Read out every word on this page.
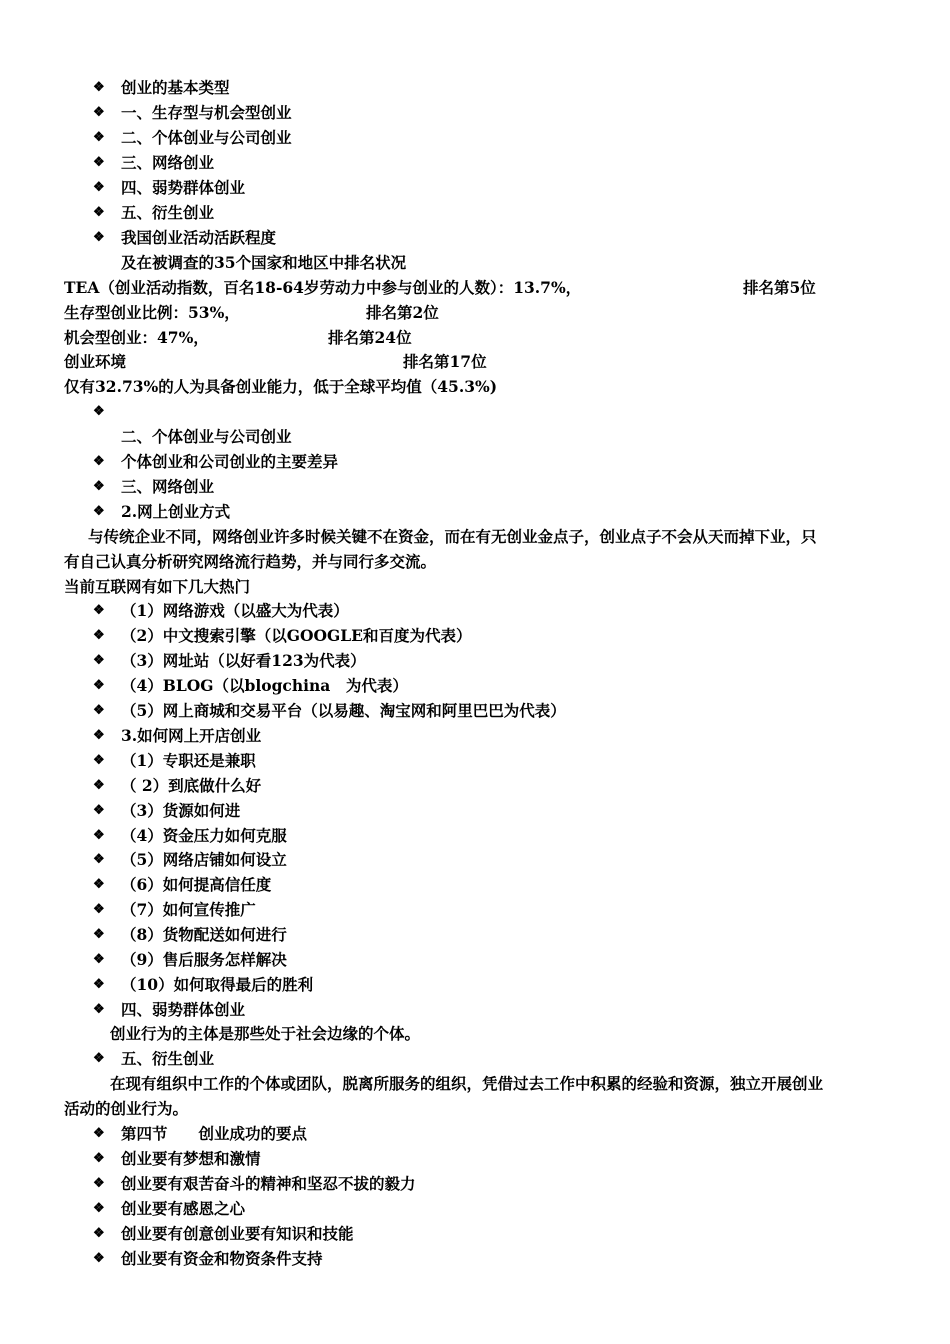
❖ 创业的基本类型
❖ 一、生存型与机会型创业
❖ 二、个体创业与公司创业
❖ 三、网络创业
❖ 四、弱势群体创业
❖ 五、衍生创业
❖ 我国创业活动活跃程度
及在被调查的35个国家和地区中排名状况
TEA（创业活动指数，百名18-64岁劳动力中参与创业的人数）：13.7%，	排名第5位
生存型创业比例：53%，	排名第2位
机会型创业：47%，	排名第24位
创业环境	排名第17位
仅有32.73%的人为具备创业能力，低于全球平均值（45.3%)
❖
二、个体创业与公司创业
❖ 个体创业和公司创业的主要差异
❖ 三、网络创业
❖ 2.网上创业方式
与传统企业不同，网络创业许多时候关键不在资金，而在有无创业金点子，创业点子不会从天而掉下业，只
有自己认真分析研究网络流行趋势，并与同行多交流。
当前互联网有如下几大热门
❖ （1）网络游戏（以盛大为代表）
❖ （2）中文搜索引擎（以GOOGLE和百度为代表）
❖ （3）网址站（以好看123为代表）
❖ （4）BLOG（以blogchina　为代表）
❖ （5）网上商城和交易平台（以易趣、淘宝网和阿里巴巴为代表）
❖ 3.如何网上开店创业
❖ （1）专职还是兼职
❖ （ 2）到底做什么好
❖ （3）货源如何进
❖ （4）资金压力如何克服
❖ （5）网络店铺如何设立
❖ （6）如何提高信任度
❖ （7）如何宣传推广
❖ （8）货物配送如何进行
❖ （9）售后服务怎样解决
❖ （10）如何取得最后的胜利
❖ 四、弱势群体创业
创业行为的主体是那些处于社会边缘的个体。
❖ 五、衍生创业
在现有组织中工作的个体或团队，脱离所服务的组织，凭借过去工作中积累的经验和资源，独立开展创业
活动的创业行为。
❖ 第四节　　创业成功的要点
❖ 创业要有梦想和激情
❖ 创业要有艰苦奋斗的精神和坚忍不拔的毅力
❖ 创业要有感恩之心
❖ 创业要有创意创业要有知识和技能
❖ 创业要有资金和物资条件支持
